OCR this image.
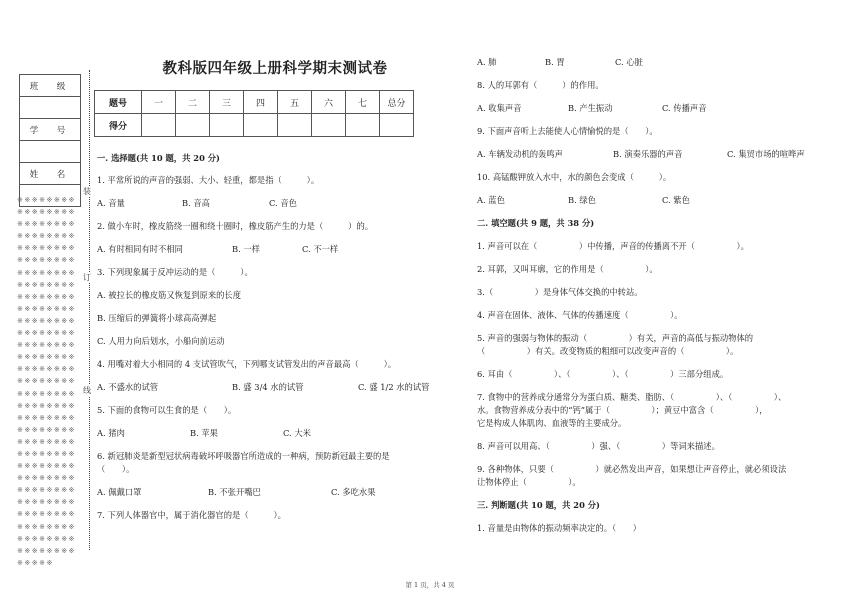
班　级

学　号

姓　名

装
订
线
※※※※※※※※※※※※※※※※※※※※※※※※※※※※※※※※※※※※※※※※※※※※※※※※※※※※※※※※※※※※※※※※※※※※※※※※※※※※※※※※※※※※※※※※※※※※※※※※※※※※※※※※※※※※※※※※※※※※※※※※※※※※※※※※※※※※※※※※※※※※※※※※※※※※※※※※※※※※※※※※※※※※※※※※※※※※※※※※※※※※※※※※※※※※※※※※※※※※※※※※※※※※※※※※※※※※※※※※※※※※※※※※※※※※※※※※※※※※※※※※※※※※※
教科版四年级上册科学期末测试卷
题号	一	二	三	四	五	六	七	总分
得分								
一. 选择题(共 10 题，共 20 分)
1. 平常所说的声音的强弱、大小、轻重，都是指（　　　）。
A. 音量	B. 音高	C. 音色
2. 做小车时，橡皮筋绕一圈和绕十圈时，橡皮筋产生的力是（　　　）的。
A. 有时相同有时不相同	B. 一样	C. 不一样
3. 下列现象属于反冲运动的是（　　　）。
A. 被拉长的橡皮筋又恢复到原来的长度
B. 压缩后的弹簧将小球高高弹起
C. 人用力向后划水，小船向前运动
4. 用嘴对着大小相同的 4 支试管吹气，下列哪支试管发出的声音最高（　　　）。
A. 不盛水的试管	B. 盛 3/4 水的试管	C. 盛 1/2 水的试管
5. 下面的食物可以生食的是（　　）。
A. 猪肉	B. 苹果	C. 大米
6. 新冠肺炎是新型冠状病毒破坏呼吸器官所造成的一种病，预防新冠最主要的是
（　　）。
A. 佩戴口罩	B. 不张开嘴巴	C. 多吃水果
7. 下列人体器官中，属于消化器官的是（　　　）。
A. 肺	B. 胃	C. 心脏
8. 人的耳郭有（　　　）的作用。
A. 收集声音	B. 产生振动	C. 传播声音
9. 下面声音听上去能使人心情愉悦的是（　　）。
A. 车辆发动机的轰鸣声	B. 演奏乐器的声音	C. 集贸市场的喧哗声
10. 高锰酸钾放入水中，水的颜色会变成（　　　）。
A. 蓝色	B. 绿色	C. 紫色
二. 填空题(共 9 题，共 38 分)
1. 声音可以在（　　　　　）中传播，声音的传播离不开（　　　　　）。
2. 耳郭，又叫耳廓，它的作用是（　　　　　）。
3.（　　　　　）是身体气体交换的中转站。
4. 声音在固体、液体、气体的传播速度（　　　　　）。
5. 声音的强弱与物体的振动（　　　　　）有关，声音的高低与振动物体的
（　　　　　）有关。改变物质的粗细可以改变声音的（　　　　　）。
6. 耳由（　　　　　）、（　　　　　）、（　　　　　）三部分组成。
7. 食物中的营养成分通常分为蛋白质、糖类、脂肪、（　　　　　）、（　　　　　）、
水。食物营养成分表中的“钙”属于（　　　　　）；黄豆中富含（　　　　　），
它是构成人体肌肉、血液等的主要成分。
8. 声音可以用高、（　　　　　）强、（　　　　　）等词来描述。
9. 各种物体，只要（　　　　　）就必然发出声音，如果想让声音停止，就必须设法
让物体停止（　　　　　）。
三. 判断题(共 10 题，共 20 分)
1. 音量是由物体的振动频率决定的。（　　）
第 1 页，共 4 页
